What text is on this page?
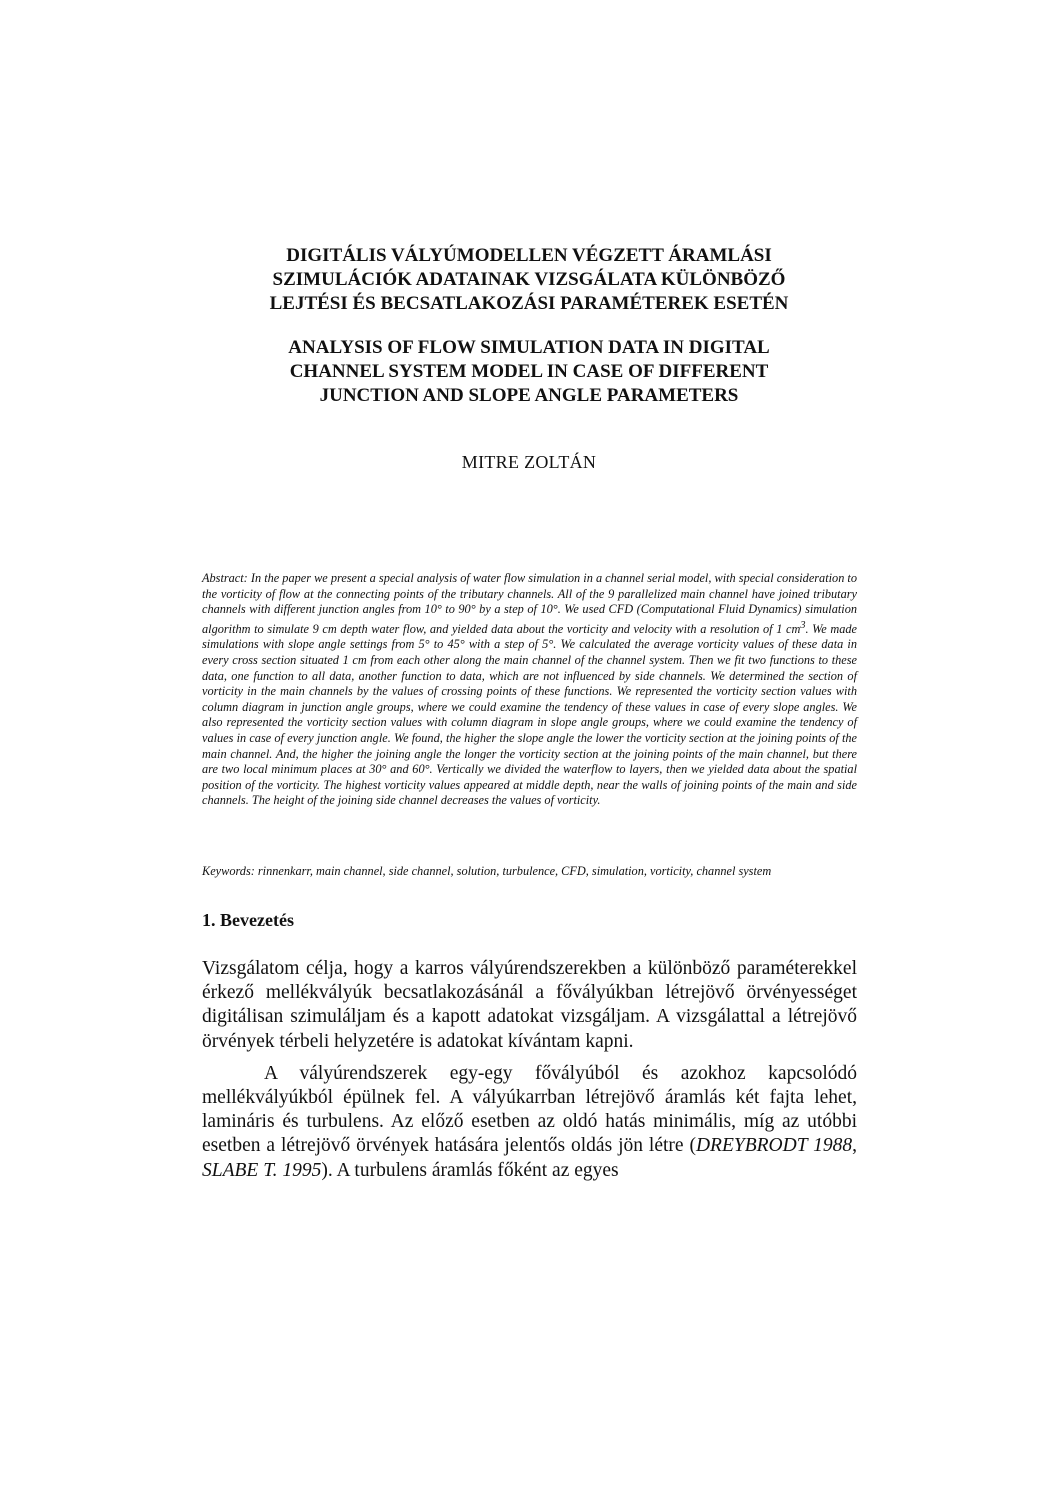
DIGITÁLIS VÁLYÚMODELLEN VÉGZETT ÁRAMLÁSI
SZIMULÁCIÓK ADATAINAK VIZSGÁLATA KÜLÖNBÖZŐ
LEJTÉSI ÉS BECSATLAKOZÁSI PARAMÉTEREK ESETÉN
ANALYSIS OF FLOW SIMULATION DATA IN DIGITAL
CHANNEL SYSTEM MODEL IN CASE OF DIFFERENT
JUNCTION AND SLOPE ANGLE PARAMETERS
MITRE ZOLTÁN

Abstract: In the paper we present a special analysis of water flow simulation in a channel serial model, with special consideration to the vorticity of flow at the connecting points of the tributary channels. All of the 9 parallelized main channel have joined tributary channels with different junction angles from 10° to 90° by a step of 10°. We used CFD (Computational Fluid Dynamics) simulation algorithm to simulate 9 cm depth water flow, and yielded data about the vorticity and velocity with a resolution of 1 $cm^3$. We made simulations with slope angle settings from 5° to 45° with a step of 5°. We calculated the average vorticity values of these data in every cross section situated 1 cm from each other along the main channel of the channel system. Then we fit two functions to these data, one function to all data, another function to data, which are not influenced by side channels. We determined the section of vorticity in the main channels by the values of crossing points of these functions. We represented the vorticity section values with column diagram in junction angle groups, where we could examine the tendency of these values in case of every slope angles. We also represented the vorticity section values with column diagram in slope angle groups, where we could examine the tendency of values in case of every junction angle. We found, the higher the slope angle the lower the vorticity section at the joining points of the main channel. And, the higher the joining angle the longer the vorticity section at the joining points of the main channel, but there are two local minimum places at 30° and 60°. Vertically we divided the waterflow to layers, then we yielded data about the spatial position of the vorticity. The highest vorticity values appeared at middle depth, near the walls of joining points of the main and side channels. The height of the joining side channel decreases the values of vorticity.

Keywords: rinnenkarr, main channel, side channel, solution, turbulence, CFD, simulation, vorticity, channel system
1. Bevezetés

Vizsgálatom célja, hogy a karros vályúrendszerekben a különböző paraméterekkel érkező mellékvályúk becsatlakozásánál a fővályúkban létrejövő örvényességet digitálisan szimuláljam és a kapott adatokat vizsgáljam. A vizsgálattal a létrejövő örvények térbeli helyzetére is adatokat kívántam kapni.

A vályúrendszerek egy-egy fővályúból és azokhoz kapcsolódó mellékvályúkból épülnek fel. A vályúkarrban létrejövő áramlás két fajta lehet, lamináris és turbulens. Az előző esetben az oldó hatás minimális, míg az utóbbi esetben a létrejövő örvények hatására jelentős oldás jön létre (DREYBRODT 1988, SLABE T. 1995). A turbulens áramlás főként az egyes
